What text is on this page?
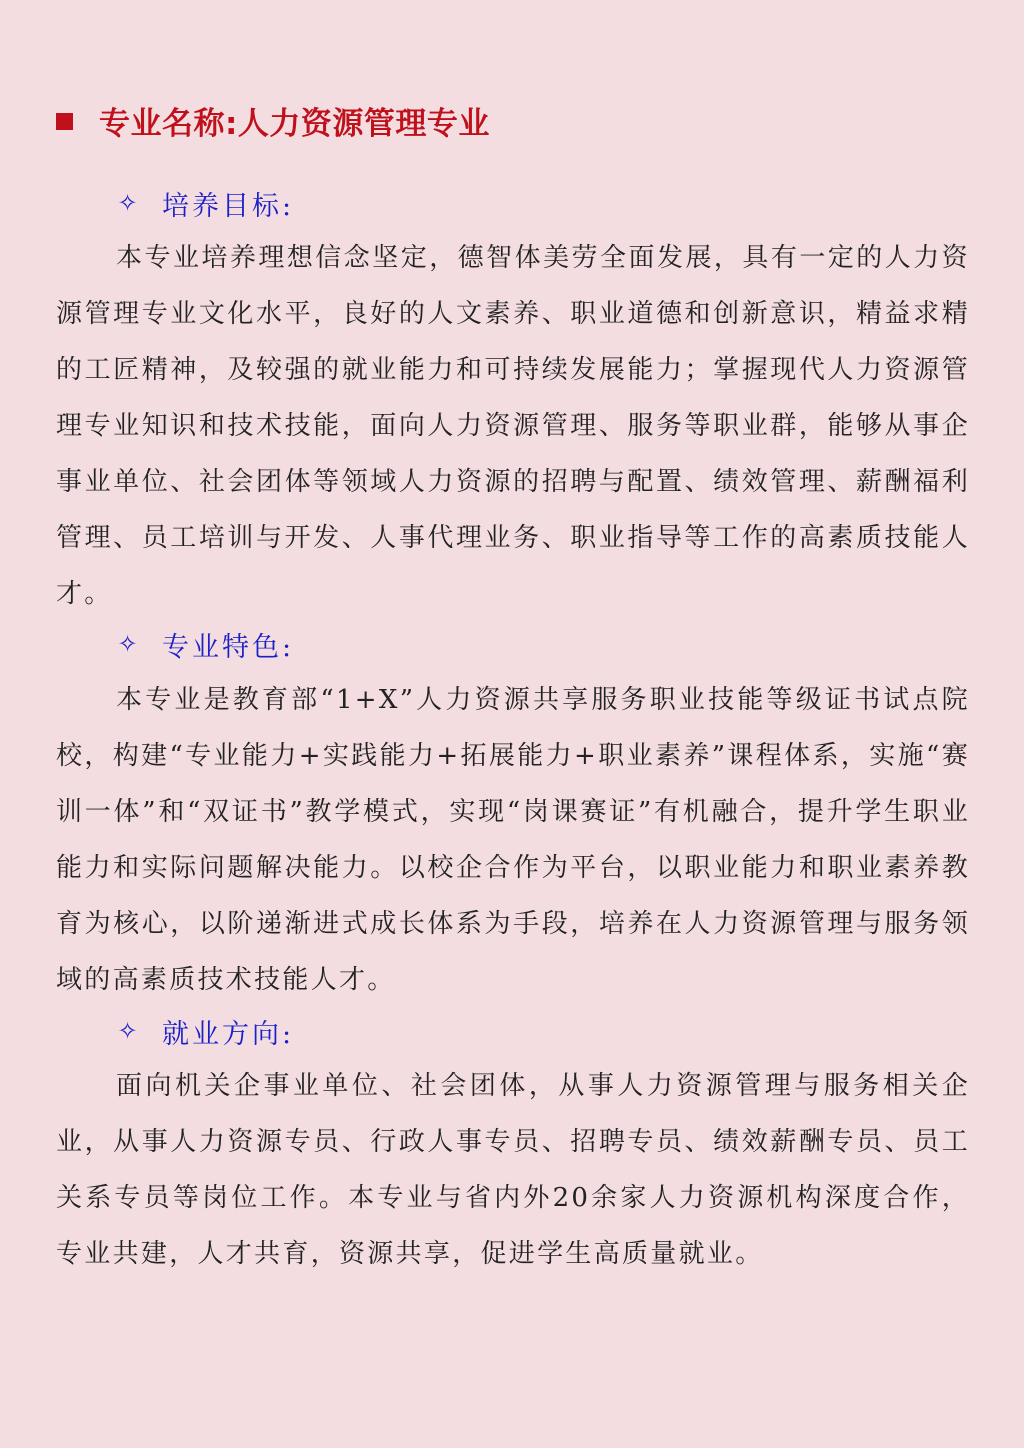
专业名称:人力资源管理专业
✧ 培养目标:

本专业培养理想信念坚定，德智体美劳全面发展，具有一定的人力资源管理专业文化水平，良好的人文素养、职业道德和创新意识，精益求精的工匠精神，及较强的就业能力和可持续发展能力；掌握现代人力资源管理专业知识和技术技能，面向人力资源管理、服务等职业群，能够从事企事业单位、社会团体等领域人力资源的招聘与配置、绩效管理、薪酬福利管理、员工培训与开发、人事代理业务、职业指导等工作的高素质技能人才。

✧ 专业特色:

本专业是教育部“1+X”人力资源共享服务职业技能等级证书试点院校，构建“专业能力+实践能力+拓展能力+职业素养”课程体系，实施“赛训一体”和“双证书”教学模式，实现“岗课赛证”有机融合，提升学生职业能力和实际问题解决能力。以校企合作为平台，以职业能力和职业素养教育为核心，以阶递渐进式成长体系为手段，培养在人力资源管理与服务领域的高素质技术技能人才。

✧ 就业方向:

面向机关企事业单位、社会团体，从事人力资源管理与服务相关企业，从事人力资源专员、行政人事专员、招聘专员、绩效薪酬专员、员工关系专员等岗位工作。本专业与省内外20余家人力资源机构深度合作，专业共建，人才共育，资源共享，促进学生高质量就业。
